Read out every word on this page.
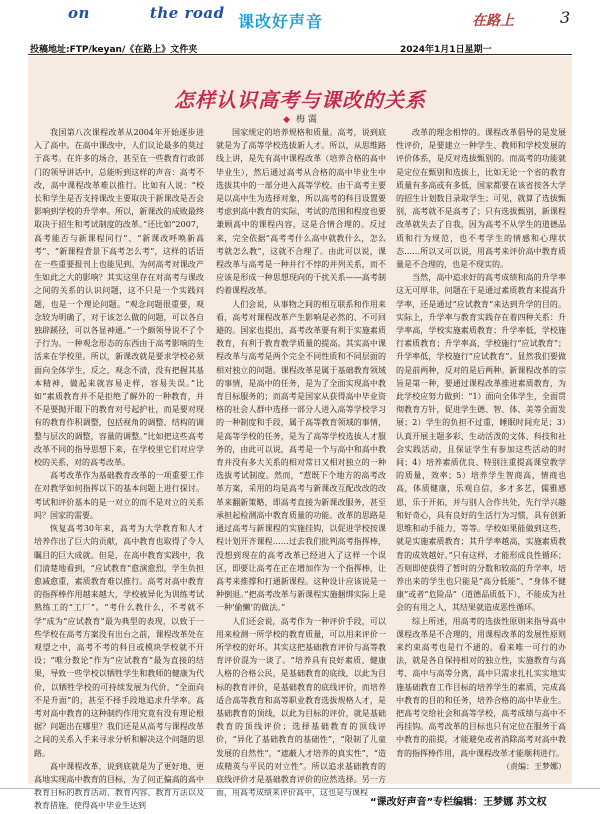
on	the road 课改好声音	在路上	3
投稿地址:FTP/keyan/《在路上》文件夹	2024年1月1日星期一
怎样认识高考与课改的关系
◆ 梅 霭

我国第八次课程改革从2004年开始逐步进入了高中。在高中课改中，人们议论最多的莫过于高考。在许多的场合，甚至在一些教育行政部门的领导讲话中，总能听到这样的声音：高考不改，高中课程改革难以推行。比如有人说：“校长和学生是否支持课改主要取决于新课改是否会影响到学校的升学率。所以，新课改的成败最终取决于招生和考试制度的改革。”还比如“2007，高考能否与新课程同行”、“新课改呼唤新高考”、“新课程背景下高考怎么考”，这样的话语在一些重要报刊上也能见到。为何高考对课改产生如此之大的影响？其实这里存在对高考与课改之间的关系的认识问题，这不只是一个实践问题，也是一个理论问题。“观念问题很重要，观念较为明确了，对于该怎么做的问题，可以各自独辟蹊径，可以各显神通。”一个颇领导说不了个子行为。一种观念形态的东西由于高考影响的生活来在学校里。所以，新课改就是要求学校必须面向全体学生，反之，观念不清，没有把握其基本精神，做起来就容易走样，容易失误。”比如“素质教育并不是拒绝了解外的一种教育，并不是要抛开眼下的教育对号起护社，而是要对现有的教育作积调整，包括视角的调整、结构的调整与层次的调整，容量的调整。”比如把这些高考改革不同的指导思想下来，在学校里它们对应学校的关系，对的高考改革。

高考改革作为基础教育改革的一项重要工作在对教学如何指挥以下的基本问题上进行探讨。考试和评价基本的是一对立的而不是对立的关系吗？国家的需要。

恢复高考30年来，高考为大学教育和人才培养作出了巨大的贡献，高中教育也取得了令人瞩目的巨大成就。但是，在高中教育实践中，我们清楚地看到，“应试教育”愈演愈烈，学生负担愈减愈重，素质教育难以推行。高考对高中教育的指挥棒作用越来越大，学校被异化为训练考试熟练工的“工厂”。“考什么教什么，不考就不学”成为“应试教育”最为典型的表现，以致于一些学校在高考方案没有出台之前，课程改革处在观望之中，高考不考的科目或模块学校就不开设；“唯分数论”作为“应试教育”最为直接的结果，导致一些学校以牺牲学生和教师的健康为代价，以牺牲学校的可持续发展为代价，“全面向不是升面”的，甚至不择手段地追求升学率。高考对高中教育的这种制约作用究竟有没有理论根据？问题出在哪里？我们还是从高考与课程改革之间的关系入手来寻求分析和解决这个问题的思路。

高中课程改革，说到底就是为了更好地、更高地实现高中教育的目标，为了问正偏高的高中教育目标的教育活动、教育内容、教育方法以及教育措施，使得高中毕业生达到

国家规定的培养规格和质量。高考，说到底就是为了高等学校选拔新人才。所以，从思维路线上讲，是先有高中课程改革（培养合格的高中毕业生），然后通过高考从合格的高中毕业生中选拔其中的一部分进入高等学校。由于高考主要是以高中生为选择对象，所以高考的科目设置要考虑到高中教育的实际，考试的范围和程度也要兼顾高中的课程内容，这是合情合理的。反过来，完全依据“高考考什么高中就教什么，怎么考就怎么教”，这就不合理了。由此可以说，课程改革与高考是一种并行不悖的并列关系，而不应该是形成一种思想现向的干扰关系——高考制约着课程改革。

人们会说，从事物之间的相互联系和作用来看，高考对课程改革产生影响是必然的、不可回避的。国家也提出，高考改革要有利于实施素质教育，有利于教育教学质量的提高。其实高中课程改革与高考是两个完全不同性质和不同层面的相对独立的问题。课程改革是属于基础教育领域的事情，是高中的任务，是为了全面实现高中教育目标服务的；而高考是国家从获得高中毕业资格的社会人群中选择一部分人进入高等学校学习的一种制度和手段，属于高等教育领域的事情，是高等学校的任务，是为了高等学校选拔人才服务的，由此可以说，高考是一个与高中和高中教育并没有多大关系的相对常日又相对独立的一种选拔考试制度。然而，“惹既下个地方的高考改革方案，采用的均是高考与新课改互配改改的改革来翻新策略，即高考直接为新课改服务，甚至承担起检测高中教育质量的功能。改革的思路是通过高考与新课程的实施挂钩，以促进学校按课程计划开齐课程……过去我们批判高考指挥棒，没想到现在的高考改革已经进入了这样一个误区，即要让高考在正在增加作为一个指挥棒，让高考来推撑和打通新课程。这种设计应该说是一种倒退。”把高考改革与新课程实施捆绑实际上是一种‘偷懒’的做法。”

人们还会说，高考作为一种评价手段，可以用来检测一所学校的教育质量，可以用来评价一所学校的好坏。其实这把基础教育评价与高等教育评价混为一谈了。“培养具有良好素质、健康人格的合格公民，是基础教育的底线，以此为目标的教育评价，是基础教育的底线评价，而培养适合高等教育和高等职业教育选拔规格人才，是基础教育的顶线，以此为目标的评价，就是基础教育的顶线评价；选择基础教育的顶线评价，“异化了基础教育的基础性”，“限制了儿童发展的自然性”，“遮蔽人才培养的真实性”，“造成精英与平民的对立性”。所以追求基础教育的底线评价才是基础教育评价的应然选择。另一方面，用高考成绩来评价高中，这也是与课程

改革的理念相悖的。课程改革倡导的是发展性评价，是要建立一种学生、教师和学校发展的评价体系，是反对选拔甄别的。而高考的功能就是定位在甄别和选拔上，比如无论一个省的教育质量有多高或有多低，国家都要在该省按各大学的招生计划数目录取学生；可见，就算了选拔甄别，高考就不是高考了；只有选拔甄别，新课程改革就失去了自我，因为高考不从学生的道德品质和行为规范，也不考学生的情感和心理状态……所以又可以说，用高考来评价高中教育质量是不合理的，也是不现实的。

当然，高中追求好的高考成绩和高的升学率这无可厚非，问题在于是通过素质教育来提高升学率，还是通过“应试教育”来达到升学的目的。实际上，升学率与教育实践存在着四种关系：升学率高，学校实施素质教育；升学率低，学校施行素质教育；升学率高，学校施行“应试教育”；升学率低，学校施行“应试教育”。显然我们要做的是前两种，反对的是后两种。新课程改革的宗旨是第一种，要通过课程改革推进素质教育，为此学校应努力做到：“1）面向全体学生，全面贯彻教育方针，促进学生德、智、体、美等全面发展；2）学生的负担不过重，睡眠时间充足；3）认真开展主题多彩、生动活泼的文体、科技和社会实践活动，且保证学生有参加这些活动的时间；4）培养素质优良、特别注重提高课堂教学的质量，效率；5）培养学生智商高，情商也高，体质健康，乐观自信，多才多艺，儒雅感恩，乐于开拓，并与别人合作共处，先行学兴趣和好奇心，具有良好的生活行为习惯，具有创新思维和动手能力，等等。学校如果能做到这些，就是实施素质教育；其升学率越高，实施素质教育的成效越好。”只有这样，才能形成良性循环；否则即使获得了暂时的分数和较高的升学率，培养出来的学生也只能是“高分低能”、“身体不健康”或者“危险品”（道德品质低下），不能成为社会的有用之人，其结果就造成恶性循环。

综上所述，用高考的选拔性原则来指导高中课程改革是不合理的，用课程改革的发展性原则来约束高考也是行不通的。看来唯一可行的办法，就是各自保持相对的独立性，实施教育与高考、高中与高等分离，高中只需求扎扎实实地实施基础教育工作目标的培养学生的素质，完成高中教育的目的和任务，培养合格的高中毕业生。把高考交给社会和高等学校，高考成绩与高中不再挂钩。高考改革的目标也只有定位在服务于高中教育的前提，才能避免或者消除高考对高中教育的指挥棒作用，高中课程改革才能顺利进行。

（责编：王梦娜）

“课改好声音”专栏编辑：王梦娜 苏文权
